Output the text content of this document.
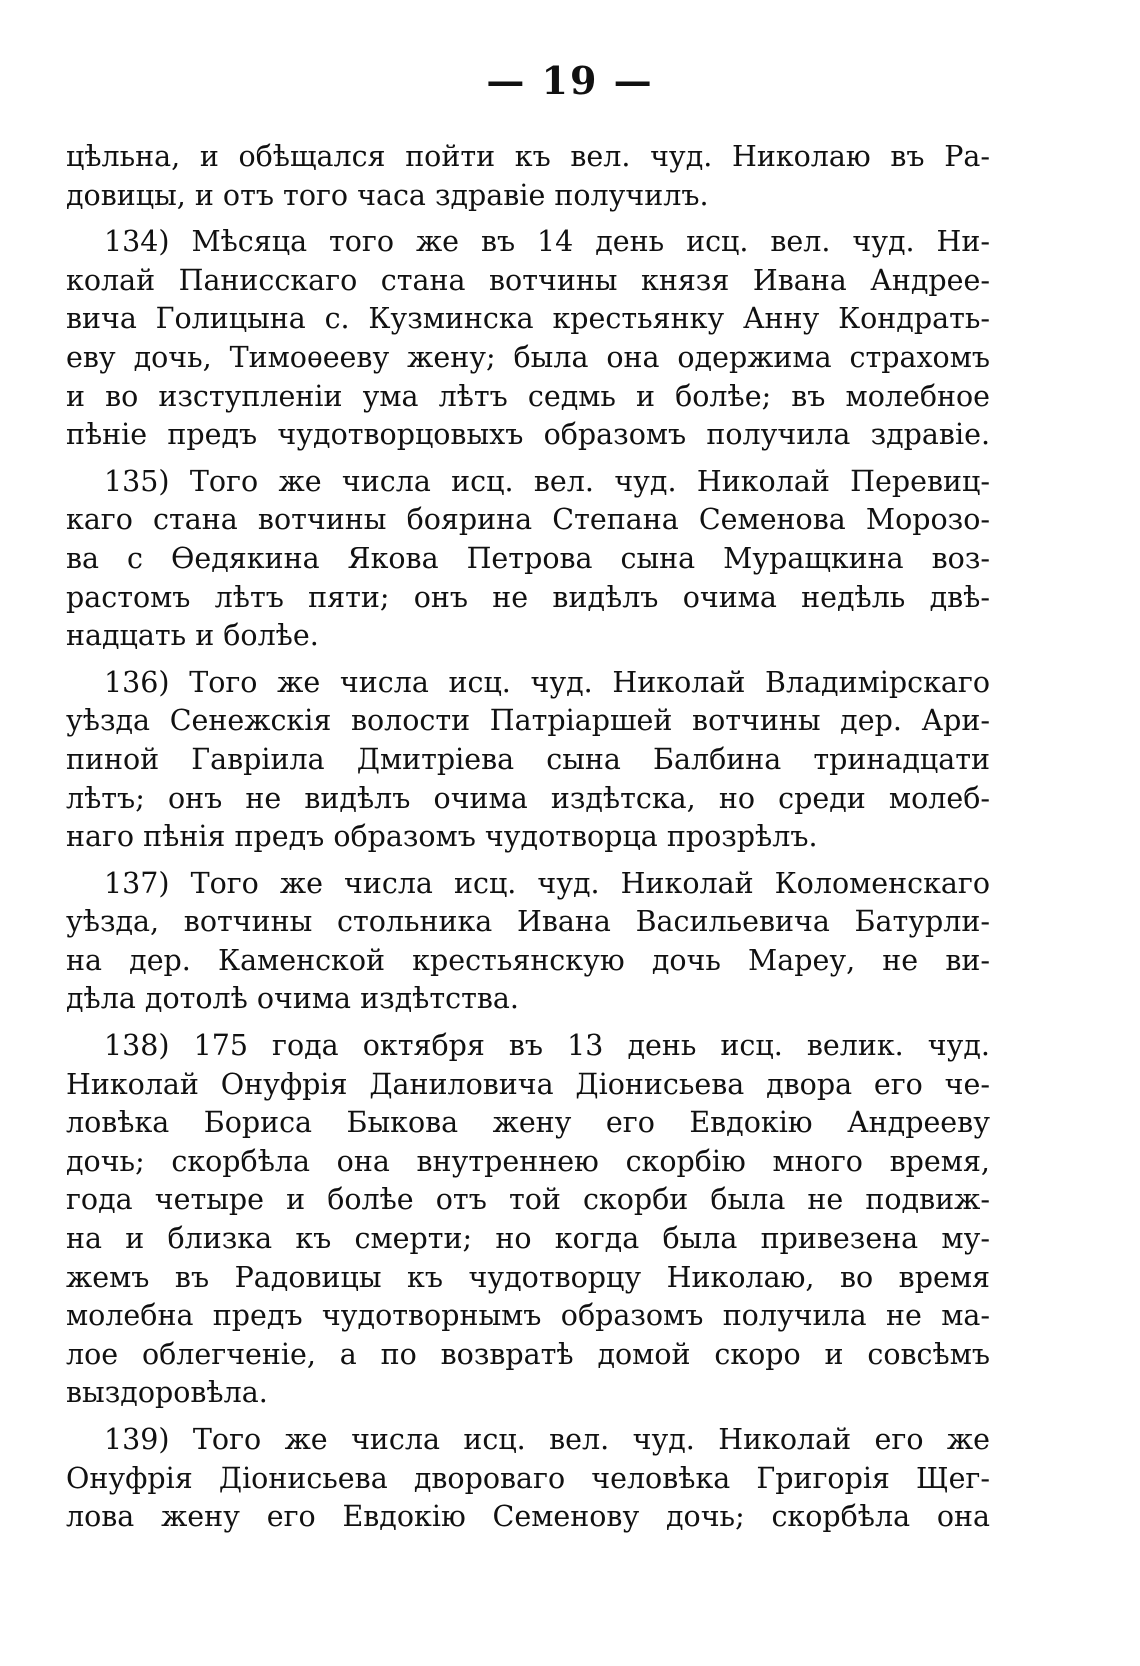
— 19 —
цѣльна, и обѣщался пойти къ вел. чуд. Николаю въ Ра-
довицы, и отъ того часа здравіе получилъ.
134) Мѣсяца того же въ 14 день исц. вел. чуд. Ни-
колай Панисскаго стана вотчины князя Ивана Андрее-
вича Голицына с. Кузминска крестьянку Анну Кондрать-
еву дочь, Тимоѳееву жену; была она одержима страхомъ
и во изступленіи ума лѣтъ седмь и болѣе; въ молебное
пѣніе предъ чудотворцовыхъ образомъ получила здравіе.
135) Того же числа исц. вел. чуд. Николай Перевиц-
каго стана вотчины боярина Степана Семенова Морозо-
ва с Ѳедякина Якова Петрова сына Муращкина воз-
растомъ лѣтъ пяти; онъ не видѣлъ очима недѣль двѣ-
надцать и болѣе.
136) Того же числа исц. чуд. Николай Владимірскаго
уѣзда Сенежскія волости Патріаршей вотчины дер. Ари-
пиной Гавріила Дмитріева сына Балбина тринадцати
лѣтъ; онъ не видѣлъ очима издѣтска, но среди молеб-
наго пѣнія предъ образомъ чудотворца прозрѣлъ.
137) Того же числа исц. чуд. Николай Коломенскаго
уѣзда, вотчины стольника Ивана Васильевича Батурли-
на дер. Каменской крестьянскую дочь Мареу, не ви-
дѣла дотолѣ очима издѣтства.
138) 175 года октября въ 13 день исц. велик. чуд.
Николай Онуфрія Даниловича Діонисьева двора его че-
ловѣка Бориса Быкова жену его Евдокію Андрееву
дочь; скорбѣла она внутреннею скорбію много время,
года четыре и болѣе отъ той скорби была не подвиж-
на и близка къ смерти; но когда была привезена му-
жемъ въ Радовицы къ чудотворцу Николаю, во время
молебна предъ чудотворнымъ образомъ получила не ма-
лое облегченіе, а по возвратѣ домой скоро и совсѣмъ
выздоровѣла.
139) Того же числа исц. вел. чуд. Николай его же
Онуфрія Діонисьева двороваго человѣка Григорія Щег-
лова жену его Евдокію Семенову дочь; скорбѣла она
